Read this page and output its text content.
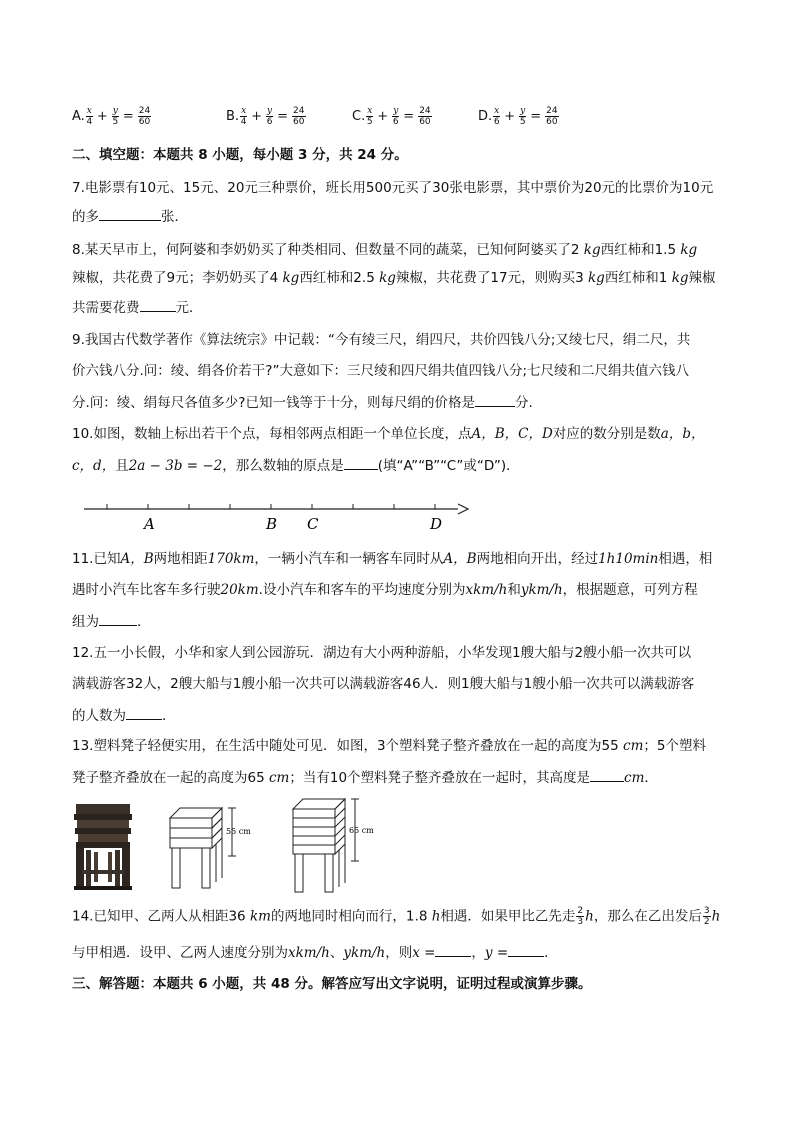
A. $\frac{x}{4} + \frac{y}{5} = \frac{24}{60}$	B. $\frac{x}{4} + \frac{y}{6} = \frac{24}{60}$	C. $\frac{x}{5} + \frac{y}{6} = \frac{24}{60}$	D. $\frac{x}{6} + \frac{y}{5} = \frac{24}{60}$
二、填空题：本题共 8 小题，每小题 3 分，共 24 分。
7.电影票有10元、15元、20元三种票价，班长用500元买了30张电影票，其中票价为20元的比票价为10元
的多	张．
8.某天早市上，何阿婆和李奶奶买了种类相同、但数量不同的蔬菜，已知何阿婆买了2 kg西红柿和1.5 kg
辣椒，共花费了9元；李奶奶买了4 kg西红柿和2.5 kg辣椒，共花费了17元，则购买3 kg西红柿和1 kg辣椒
共需要花费	元．
9.我国古代数学著作《算法统宗》中记载：“今有绫三尺，绢四尺，共价四钱八分;又绫七尺，绢二尺，共
价六钱八分.问：绫、绢各价若干?”大意如下：三尺绫和四尺绢共值四钱八分;七尺绫和二尺绢共值六钱八
分.问：绫、绢每尺各值多少?已知一钱等于十分，则每尺绢的价格是	分.
10.如图，数轴上标出若干个点，每相邻两点相距一个单位长度，点A，B，C，D对应的数分别是数a，b，
c，d，且2a − 3b = −2，那么数轴的原点是	(填“A”“B”“C”或“D”)．
A	B C	D
11.已知A，B两地相距170km，一辆小汽车和一辆客车同时从A，B两地相向开出，经过1h10min相遇，相
遇时小汽车比客车多行驶20km.设小汽车和客车的平均速度分别为xkm/h和ykm/h，根据题意，可列方程
组为	．
12.五一小长假，小华和家人到公园游玩．湖边有大小两种游船，小华发现1艘大船与2艘小船一次共可以
满载游客32人，2艘大船与1艘小船一次共可以满载游客46人．则1艘大船与1艘小船一次共可以满载游客
的人数为	．
13.塑料凳子轻便实用，在生活中随处可见．如图，3个塑料凳子整齐叠放在一起的高度为55 cm；5个塑料
凳子整齐叠放在一起的高度为65 cm；当有10个塑料凳子整齐叠放在一起时，其高度是	cm．
55 cm	65 cm
14.已知甲、乙两人从相距36 km的两地同时相向而行，1.8 h相遇．如果甲比乙先走 $\frac{2}{3}$ h，那么在乙出发后 $\frac{3}{2}$ h
与甲相遇．设甲、乙两人速度分别为xkm/h、ykm/h，则x =	，y =	．
三、解答题：本题共 6 小题，共 48 分。解答应写出文字说明，证明过程或演算步骤。
